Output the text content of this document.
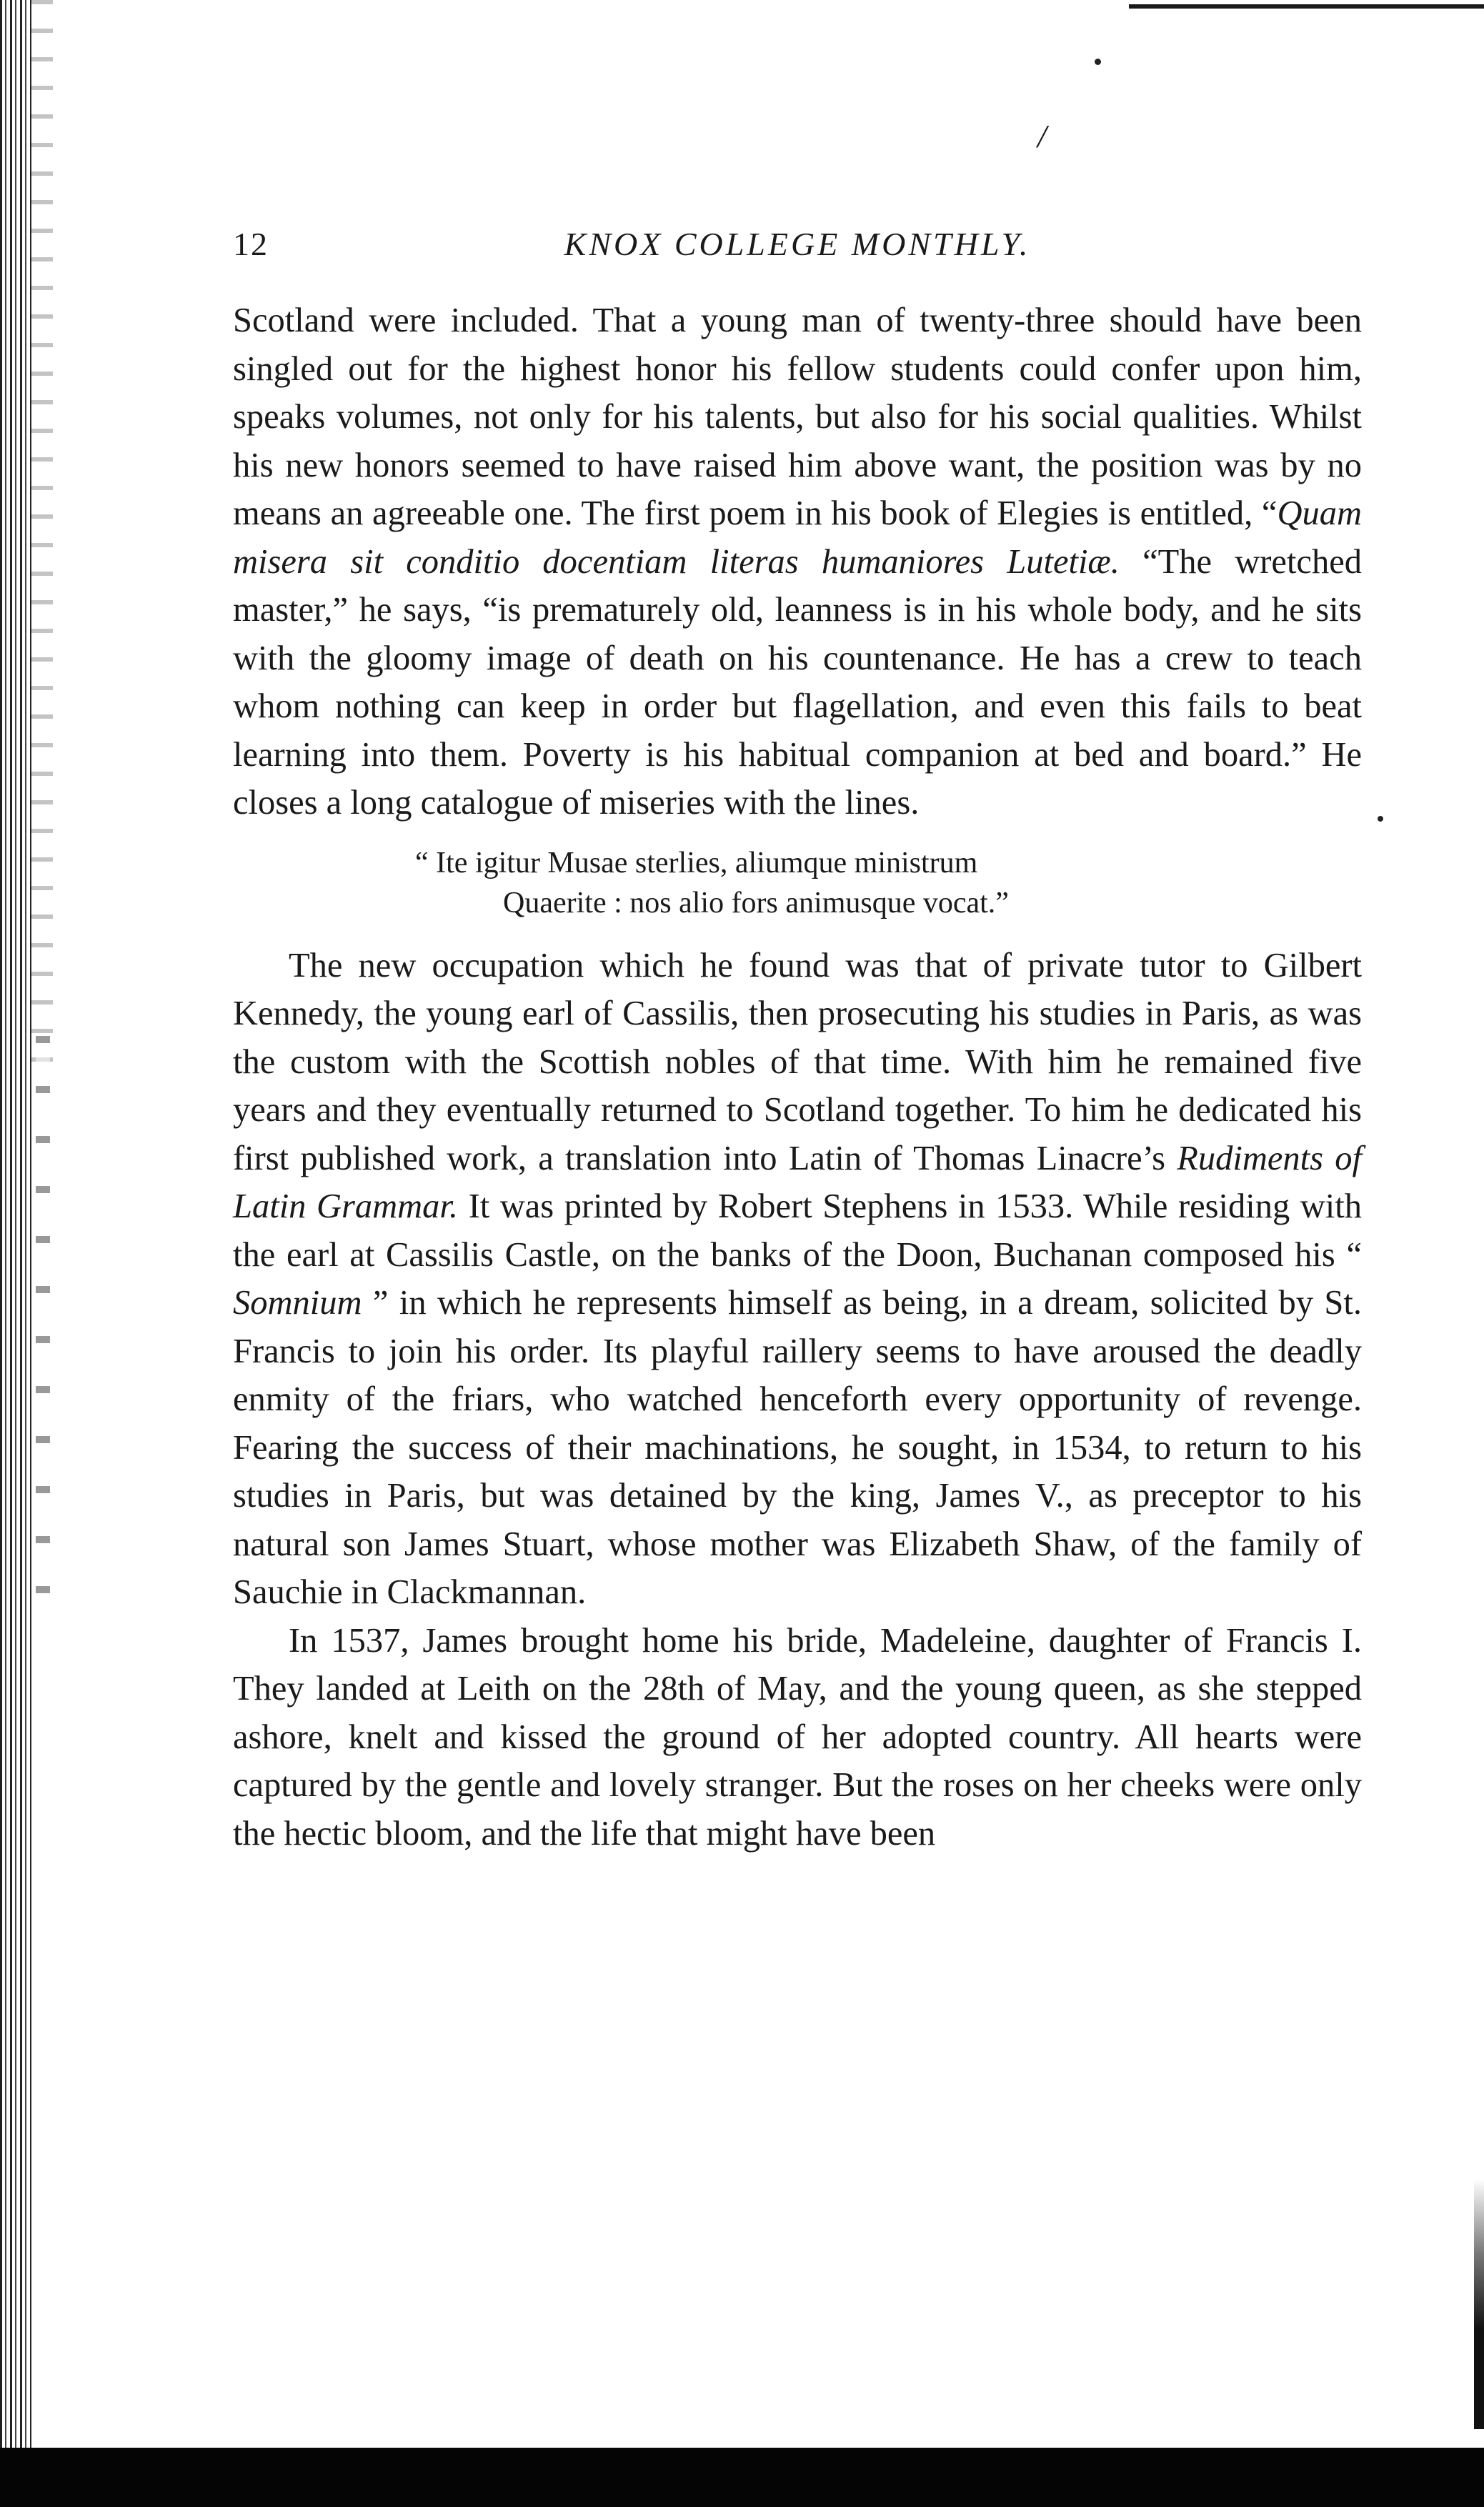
/
12	KNOX COLLEGE MONTHLY.

Scotland were included. That a young man of twenty-three should have been singled out for the highest honor his fellow students could confer upon him, speaks volumes, not only for his talents, but also for his social qualities. Whilst his new honors seemed to have raised him above want, the position was by no means an agreeable one. The first poem in his book of Elegies is entitled, “Quam misera sit conditio docentiam literas humaniores Lutetiæ. “The wretched master,” he says, “is prematurely old, leanness is in his whole body, and he sits with the gloomy image of death on his countenance. He has a crew to teach whom nothing can keep in order but flagellation, and even this fails to beat learning into them. Poverty is his habitual companion at bed and board.” He closes a long catalogue of miseries with the lines.

“ Ite igitur Musae sterlies, aliumque ministrum
Quaerite : nos alio fors animusque vocat.”

The new occupation which he found was that of private tutor to Gilbert Kennedy, the young earl of Cassilis, then prosecuting his studies in Paris, as was the custom with the Scottish nobles of that time. With him he remained five years and they eventually returned to Scotland together. To him he dedicated his first published work, a translation into Latin of Thomas Linacre’s Rudiments of Latin Grammar. It was printed by Robert Stephens in 1533. While residing with the earl at Cassilis Castle, on the banks of the Doon, Buchanan composed his “ Somnium ” in which he represents himself as being, in a dream, solicited by St. Francis to join his order. Its playful raillery seems to have aroused the deadly enmity of the friars, who watched henceforth every opportunity of revenge. Fearing the success of their machinations, he sought, in 1534, to return to his studies in Paris, but was detained by the king, James V., as preceptor to his natural son James Stuart, whose mother was Elizabeth Shaw, of the family of Sauchie in Clackmannan.

In 1537, James brought home his bride, Madeleine, daughter of Francis I. They landed at Leith on the 28th of May, and the young queen, as she stepped ashore, knelt and kissed the ground of her adopted country. All hearts were captured by the gentle and lovely stranger. But the roses on her cheeks were only the hectic bloom, and the life that might have been
